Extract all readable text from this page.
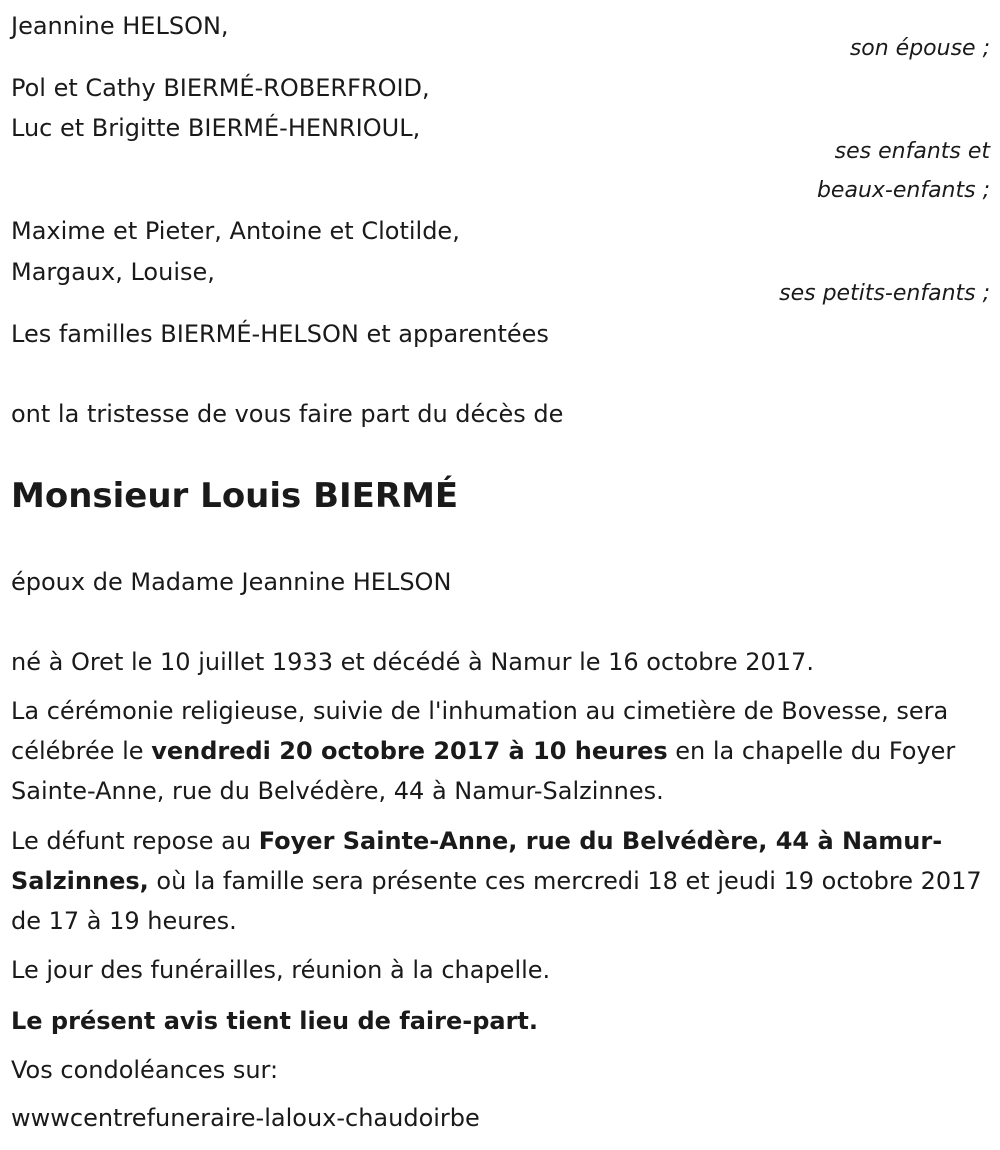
Jeannine HELSON,

son épouse ;

Pol et Cathy BIERMÉ-ROBERFROID,

Luc et Brigitte BIERMÉ-HENRIOUL,

ses enfants et

beaux-enfants ;

Maxime et Pieter, Antoine et Clotilde,

Margaux, Louise,

ses petits-enfants ;

Les familles BIERMÉ-HELSON et apparentées

ont la tristesse de vous faire part du décès de

Monsieur Louis BIERMÉ

époux de Madame Jeannine HELSON

né à Oret le 10 juillet 1933 et décédé à Namur le 16 octobre 2017.

La cérémonie religieuse, suivie de l'inhumation au cimetière de Bovesse, sera célébrée le vendredi 20 octobre 2017 à 10 heures en la chapelle du Foyer Sainte-Anne, rue du Belvédère, 44 à Namur-Salzinnes.

Le défunt repose au Foyer Sainte-Anne, rue du Belvédère, 44 à Namur-Salzinnes, où la famille sera présente ces mercredi 18 et jeudi 19 octobre 2017 de 17 à 19 heures.

Le jour des funérailles, réunion à la chapelle.

Le présent avis tient lieu de faire-part.

Vos condoléances sur:

wwwcentrefuneraire-laloux-chaudoirbe
